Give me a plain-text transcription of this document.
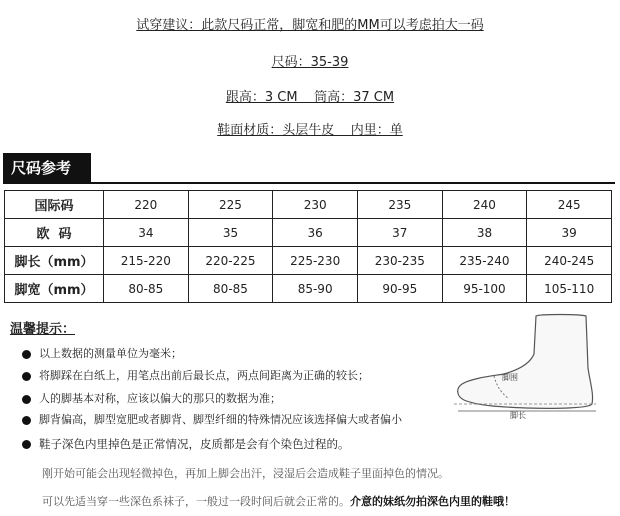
试穿建议：此款尺码正常，脚宽和肥的MM可以考虑拍大一码
尺码：35-39
跟高：3 CM    筒高：37 CM
鞋面材质：头层牛皮    内里：单
尺码参考
国际码	220	225	230	235	240	245
欧  码	34	35	36	37	38	39
脚长（mm）	215-220	220-225	225-230	230-235	235-240	240-245
脚宽（mm）	80-85	80-85	85-90	90-95	95-100	105-110
温馨提示：
以上数据的测量单位为毫米；
将脚踩在白纸上，用笔点出前后最长点，两点间距离为正确的较长；
人的脚基本对称，应该以偏大的那只的数据为准；
脚背偏高，脚型宽肥或者脚背、脚型纤细的特殊情况应该选择偏大或者偏小
鞋子深色内里掉色是正常情况，皮质都是会有个染色过程的。
刚开始可能会出现轻微掉色，再加上脚会出汗，浸湿后会造成鞋子里面掉色的情况。
可以先适当穿一些深色系袜子，一般过一段时间后就会正常的。介意的妹纸勿拍深色内里的鞋哦！
脚围
脚长
